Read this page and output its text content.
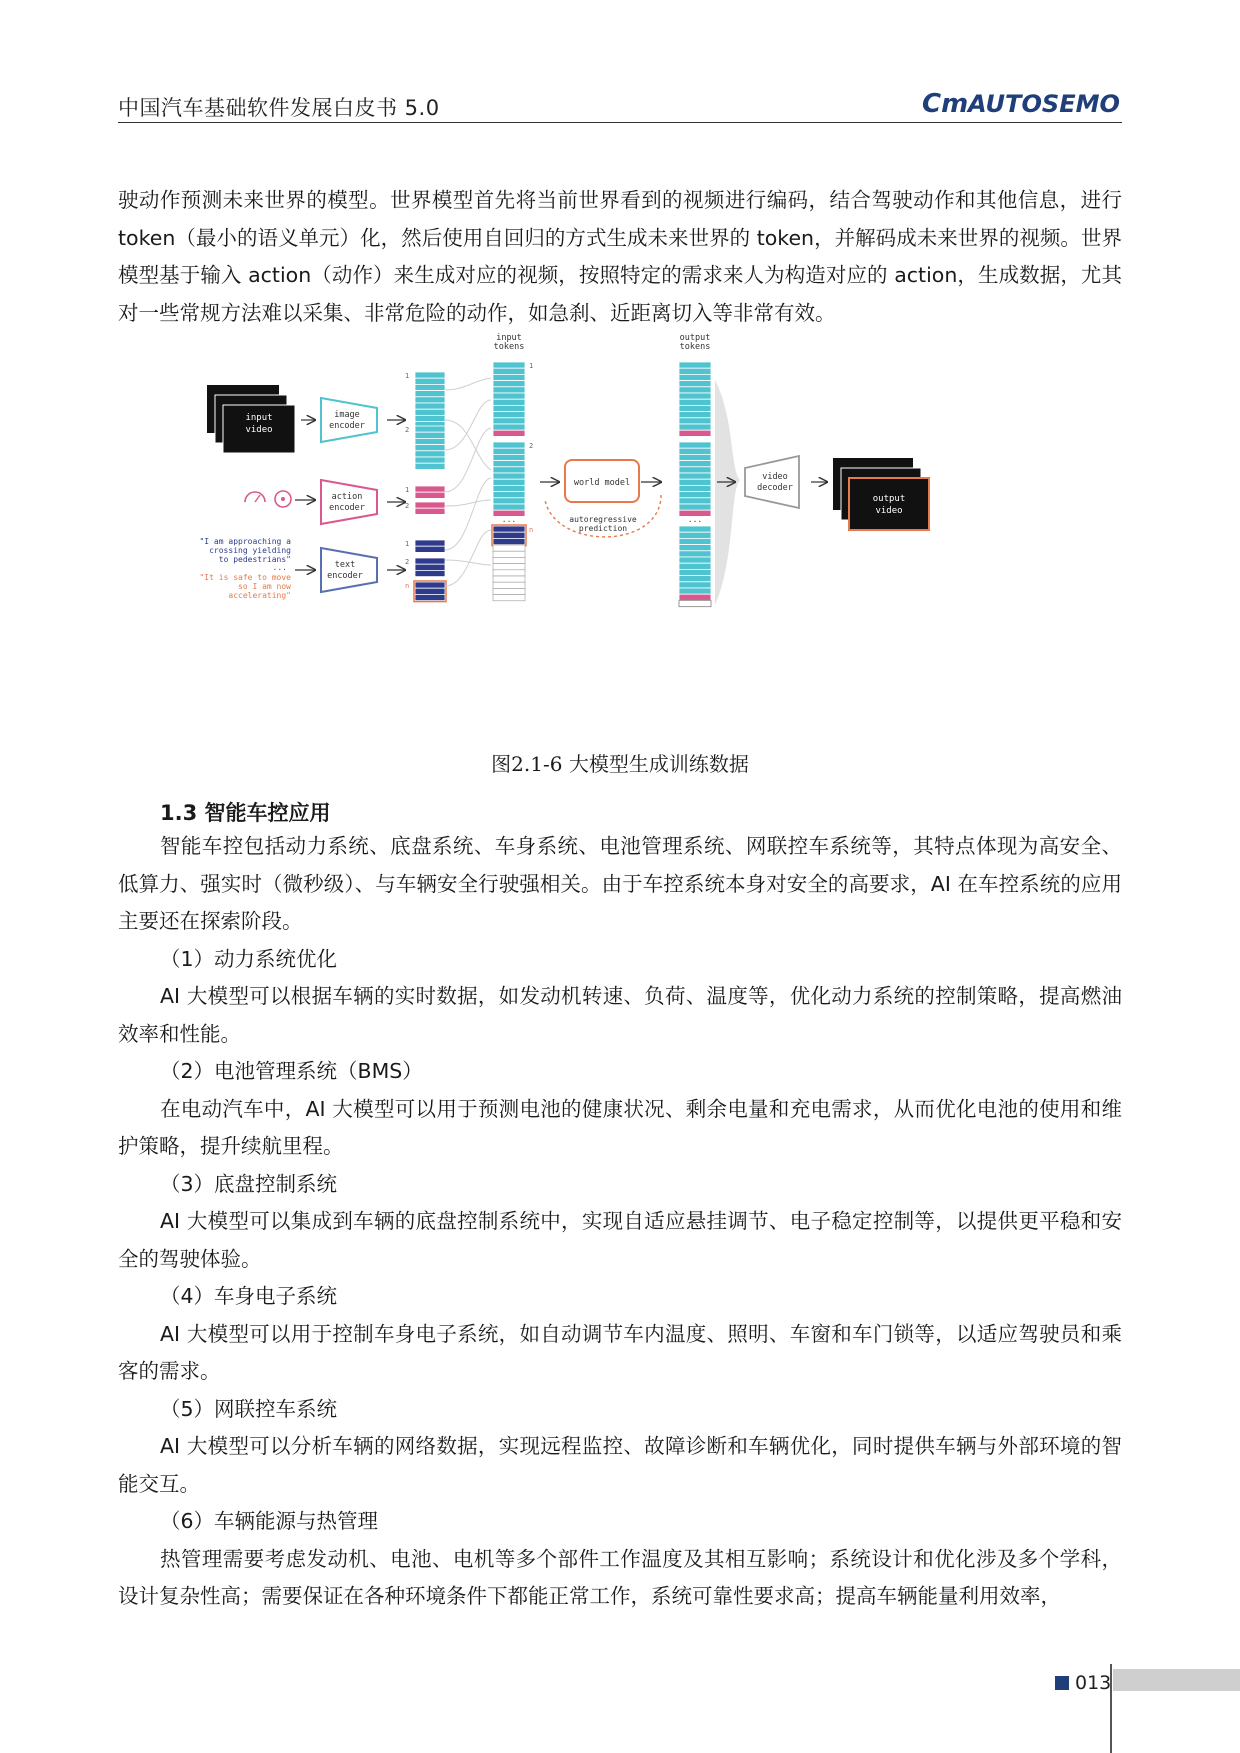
中国汽车基础软件发展白皮书 5.0	Cm
AUTOSEMO
驶动作预测未来世界的模型。世界模型首先将当前世界看到的视频进行编码，结合驾驶动作和其他信息，进行 token（最小的语义单元）化，然后使用自回归的方式生成未来世界的 token，并解码成未来世界的视频。世界模型基于输入 action（动作）来生成对应的视频，按照特定的需求来人为构造对应的 action，生成数据，尤其对一些常规方法难以采集、非常危险的动作，如急刹、近距离切入等非常有效。
input
video
image
encoder
action
encoder
text
encoder
"I am approaching a
crossing yielding
to pedestrians"
...
"It is safe to move
so I am now
accelerating"
1
2
1
2
1
2
n
input
tokens
output
tokens
1
2
...
n
world model
autoregressive
prediction
...
video
decoder
output
video
图2.1-6 大模型生成训练数据
1.3 智能车控应用

智能车控包括动力系统、底盘系统、车身系统、电池管理系统、网联控车系统等，其特点体现为高安全、低算力、强实时（微秒级）、与车辆安全行驶强相关。由于车控系统本身对安全的高要求，AI 在车控系统的应用主要还在探索阶段。

（1）动力系统优化

AI 大模型可以根据车辆的实时数据，如发动机转速、负荷、温度等，优化动力系统的控制策略，提高燃油效率和性能。

（2）电池管理系统（BMS）

在电动汽车中，AI 大模型可以用于预测电池的健康状况、剩余电量和充电需求，从而优化电池的使用和维护策略，提升续航里程。

（3）底盘控制系统

AI 大模型可以集成到车辆的底盘控制系统中，实现自适应悬挂调节、电子稳定控制等，以提供更平稳和安全的驾驶体验。

（4）车身电子系统

AI 大模型可以用于控制车身电子系统，如自动调节车内温度、照明、车窗和车门锁等，以适应驾驶员和乘客的需求。

（5）网联控车系统

AI 大模型可以分析车辆的网络数据，实现远程监控、故障诊断和车辆优化，同时提供车辆与外部环境的智能交互。

（6）车辆能源与热管理

热管理需要考虑发动机、电池、电机等多个部件工作温度及其相互影响；系统设计和优化涉及多个学科，设计复杂性高；需要保证在各种环境条件下都能正常工作，系统可靠性要求高；提高车辆能量利用效率，

013
